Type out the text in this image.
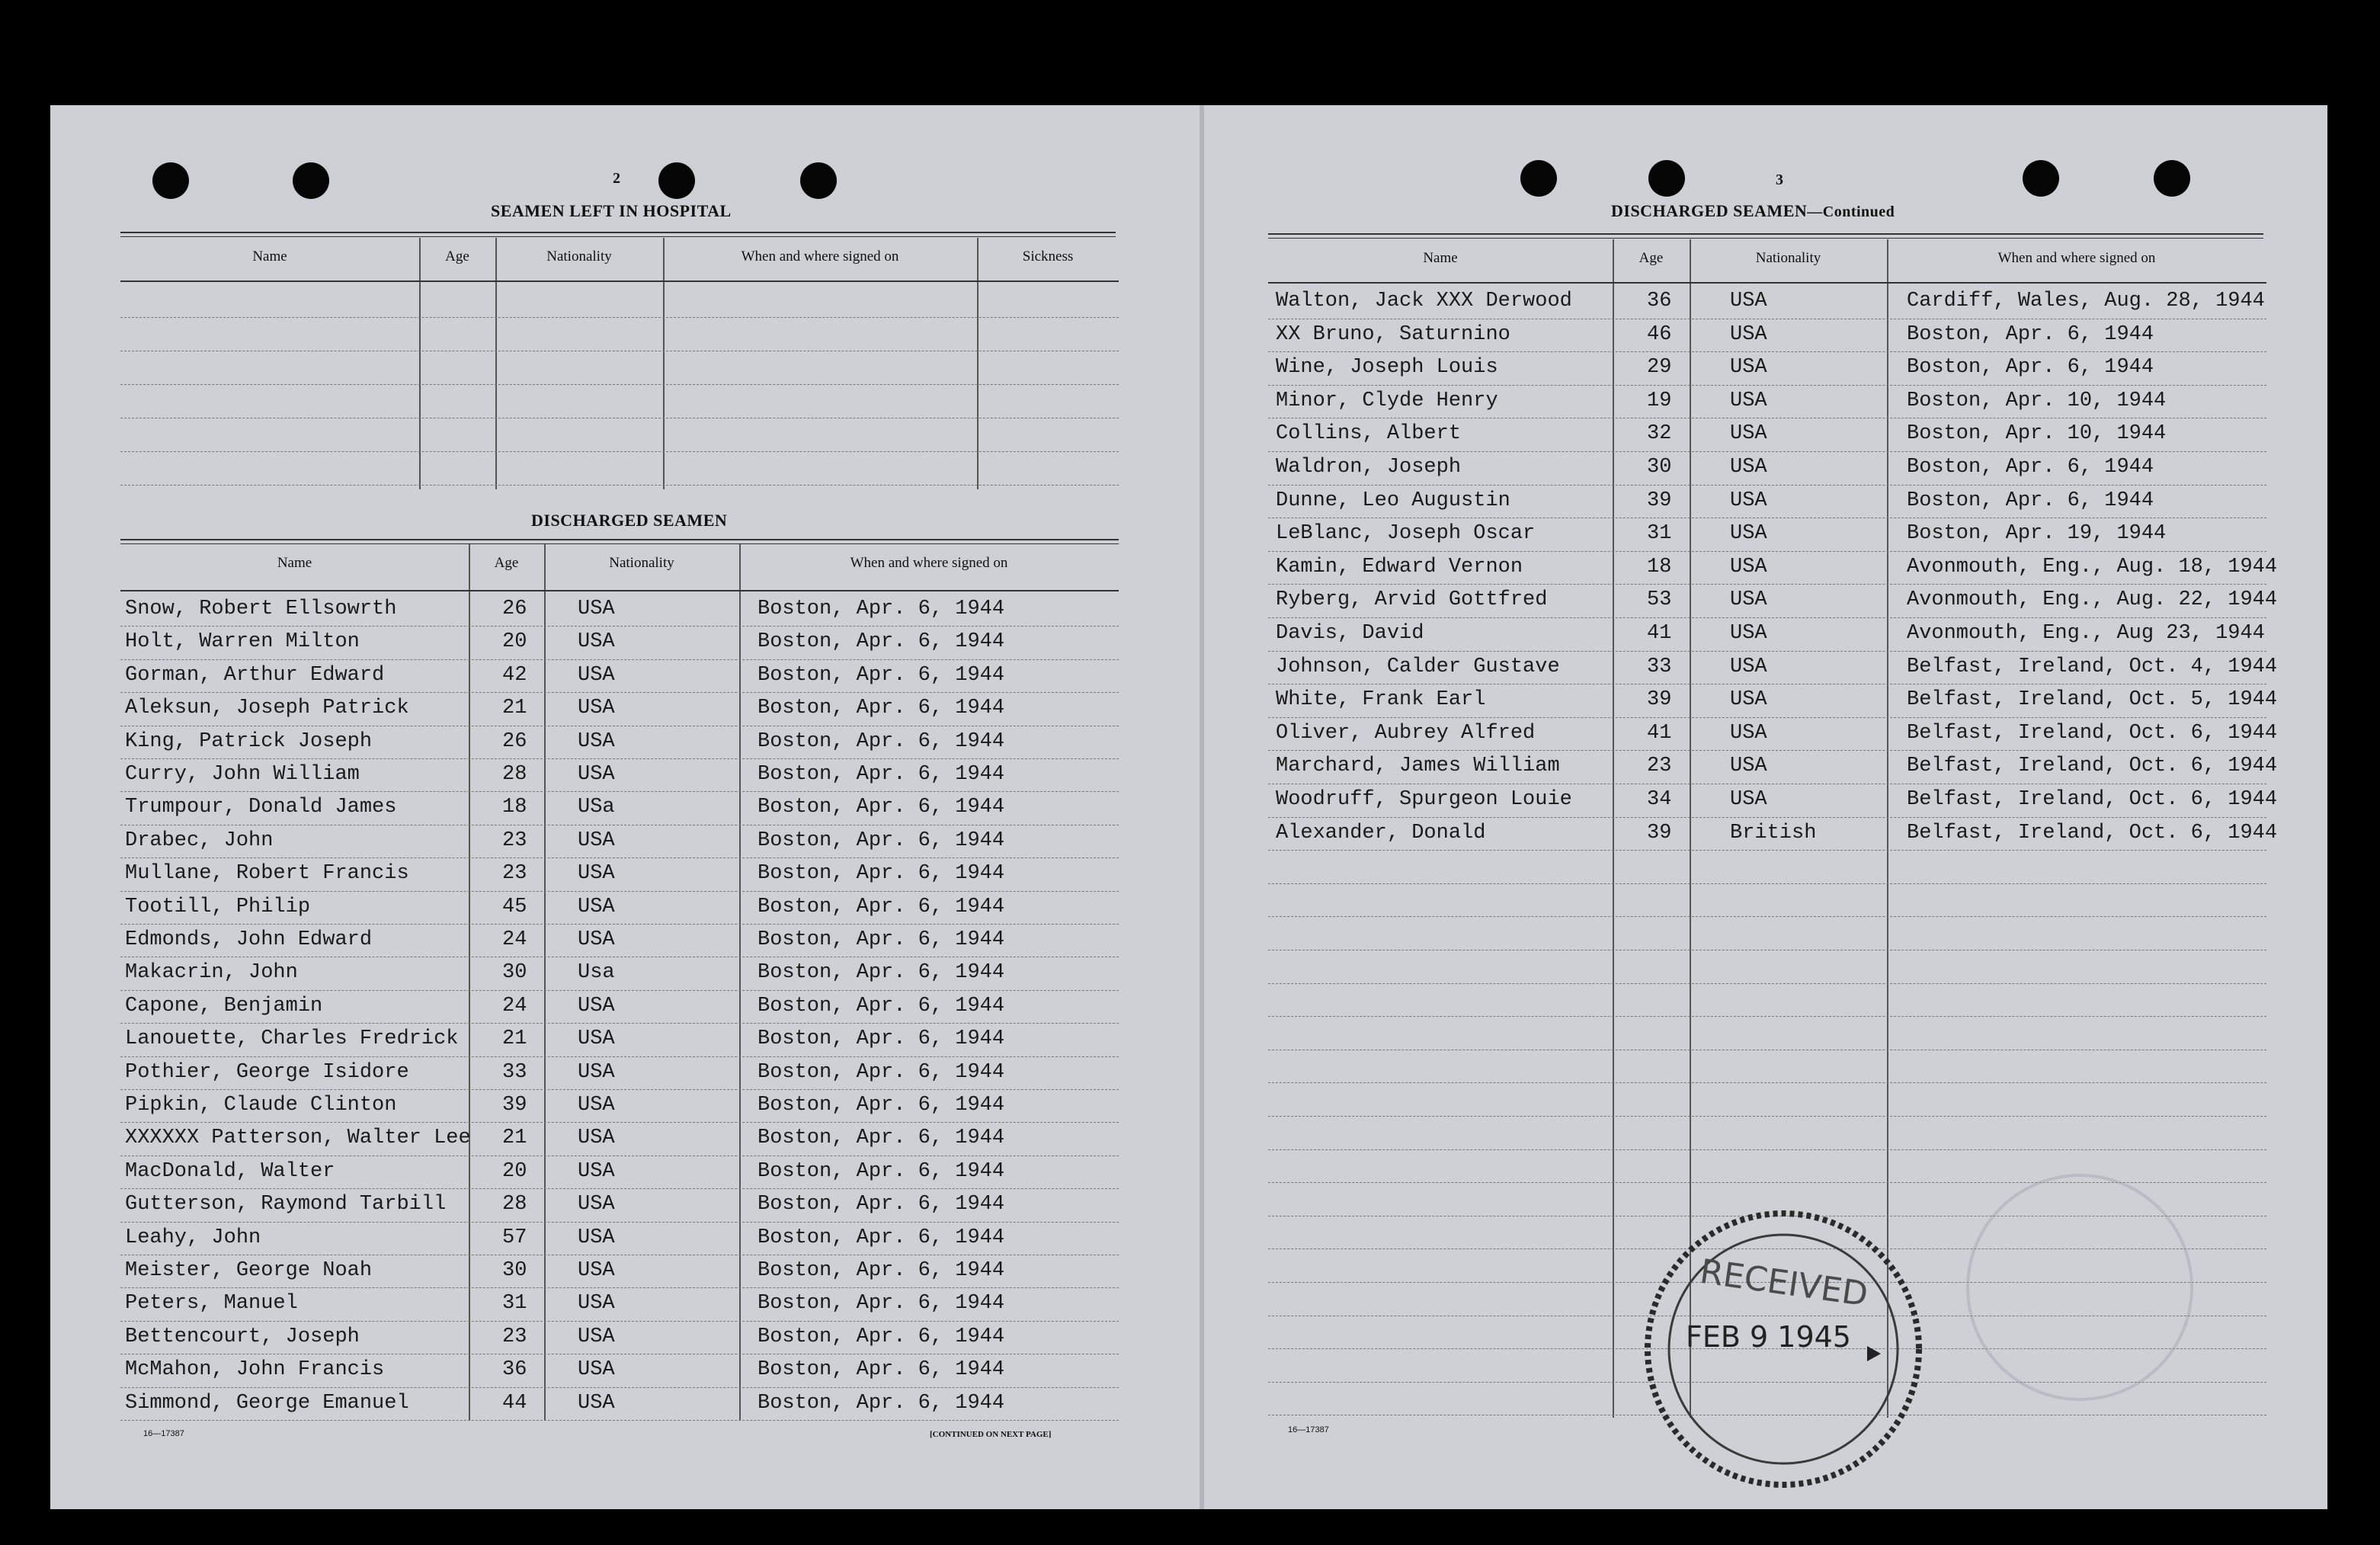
2
SEAMEN LEFT IN HOSPITAL
Name	Age	Nationality	When and where signed on	Sickness
DISCHARGED SEAMEN
Name	Age	Nationality	When and where signed on
Snow, Robert Ellsowrth	26 USA	Boston, Apr. 6, 1944
Holt, Warren Milton	20 USA	Boston, Apr. 6, 1944
Gorman, Arthur Edward	42 USA	Boston, Apr. 6, 1944
Aleksun, Joseph Patrick	21 USA	Boston, Apr. 6, 1944
King, Patrick Joseph	26 USA	Boston, Apr. 6, 1944
Curry, John William	28 USA	Boston, Apr. 6, 1944
Trumpour, Donald James	18 USa	Boston, Apr. 6, 1944
Drabec, John	23 USA	Boston, Apr. 6, 1944
Mullane, Robert Francis	23 USA	Boston, Apr. 6, 1944
Tootill, Philip	45 USA	Boston, Apr. 6, 1944
Edmonds, John Edward	24 USA	Boston, Apr. 6, 1944
Makacrin, John	30 Usa	Boston, Apr. 6, 1944
Capone, Benjamin	24 USA	Boston, Apr. 6, 1944
Lanouette, Charles Fredrick 21 USA	Boston, Apr. 6, 1944
Pothier, George Isidore	33 USA	Boston, Apr. 6, 1944
Pipkin, Claude Clinton	39 USA	Boston, Apr. 6, 1944
XXXXXX Patterson, Walter Lee 21 USA	Boston, Apr. 6, 1944
MacDonald, Walter	20 USA	Boston, Apr. 6, 1944
Gutterson, Raymond Tarbill	28 USA	Boston, Apr. 6, 1944
Leahy, John	57 USA	Boston, Apr. 6, 1944
Meister, George Noah	30 USA	Boston, Apr. 6, 1944
Peters, Manuel	31 USA	Boston, Apr. 6, 1944
Bettencourt, Joseph	23 USA	Boston, Apr. 6, 1944
McMahon, John Francis	36 USA	Boston, Apr. 6, 1944
Simmond, George Emanuel	44 USA	Boston, Apr. 6, 1944
16—17387	[CONTINUED ON NEXT PAGE]
3
DISCHARGED SEAMEN—Continued
Name	Age	Nationality	When and where signed on
Walton, Jack XXX Derwood	36	USA	Cardiff, Wales, Aug. 28, 1944
XX Bruno, Saturnino	46	USA	Boston, Apr. 6, 1944
Wine, Joseph Louis	29	USA	Boston, Apr. 6, 1944
Minor, Clyde Henry	19	USA	Boston, Apr. 10, 1944
Collins, Albert	32	USA	Boston, Apr. 10, 1944
Waldron, Joseph	30	USA	Boston, Apr. 6, 1944
Dunne, Leo Augustin	39	USA	Boston, Apr. 6, 1944
LeBlanc, Joseph Oscar	31	USA	Boston, Apr. 19, 1944
Kamin, Edward Vernon	18	USA	Avonmouth, Eng., Aug. 18, 1944
Ryberg, Arvid Gottfred	53	USA	Avonmouth, Eng., Aug. 22, 1944
Davis, David	41	USA	Avonmouth, Eng., Aug 23, 1944
Johnson, Calder Gustave	33	USA	Belfast, Ireland, Oct. 4, 1944
White, Frank Earl	39	USA	Belfast, Ireland, Oct. 5, 1944
Oliver, Aubrey Alfred	41	USA	Belfast, Ireland, Oct. 6, 1944
Marchard, James William	23	USA	Belfast, Ireland, Oct. 6, 1944
Woodruff, Spurgeon Louie	34	USA	Belfast, Ireland, Oct. 6, 1944
Alexander, Donald	39	British	Belfast, Ireland, Oct. 6, 1944
16—17387
RECEIVED
FEB 9 1945
